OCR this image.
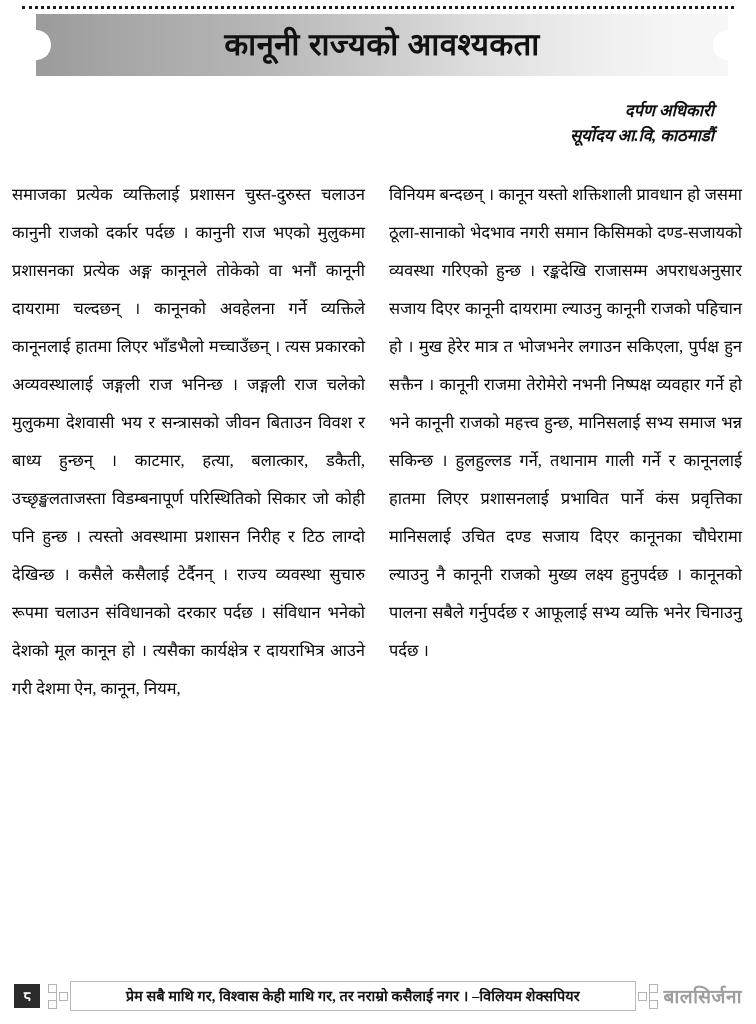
कानूनी राज्यको आवश्यकता
दर्पण अधिकारी
सूर्योदय आ.वि, काठमाडौं

समाजका प्रत्येक व्यक्तिलाई प्रशासन चुस्त-दुरुस्त चलाउन कानुनी राजको दर्कार पर्दछ । कानुनी राज भएको मुलुकमा प्रशासनका प्रत्येक अङ्ग कानूनले तोकेको वा भनौं कानूनी दायरामा चल्दछन् । कानूनको अवहेलना गर्ने व्यक्तिले कानूनलाई हातमा लिएर भाँडभैलो मच्चाउँछन् । त्यस प्रकारको अव्यवस्थालाई जङ्गली राज भनिन्छ । जङ्गली राज चलेको मुलुकमा देशवासी भय र सन्त्रासको जीवन बिताउन विवश र बाध्य हुन्छन् । काटमार, हत्या, बलात्कार, डकैती, उच्छृङ्खलताजस्ता विडम्बनापूर्ण परिस्थितिको सिकार जो कोही पनि हुन्छ । त्यस्तो अवस्थामा प्रशासन निरीह र टिठ लाग्दो देखिन्छ । कसैले कसैलाई टेर्दैनन् । राज्य व्यवस्था सुचारु रूपमा चलाउन संविधानको दरकार पर्दछ । संविधान भनेको देशको मूल कानून हो । त्यसैका कार्यक्षेत्र र दायराभित्र आउने गरी देशमा ऐन, कानून, नियम,

विनियम बन्दछन् । कानून यस्तो शक्तिशाली प्रावधान हो जसमा ठूला-सानाको भेदभाव नगरी समान किसिमको दण्ड-सजायको व्यवस्था गरिएको हुन्छ । रङ्कदेखि राजासम्म अपराधअनुसार सजाय दिएर कानूनी दायरामा ल्याउनु कानूनी राजको पहिचान हो । मुख हेरेर मात्र त भोजभनेर लगाउन सकिएला, पुर्पक्ष हुन सक्तैन । कानूनी राजमा तेरोमेरो नभनी निष्पक्ष व्यवहार गर्ने हो भने कानूनी राजको महत्त्व हुन्छ, मानिसलाई सभ्य समाज भन्न सकिन्छ । हुलहुल्लड गर्ने, तथानाम गाली गर्ने र कानूनलाई हातमा लिएर प्रशासनलाई प्रभावित पार्ने कंस प्रवृत्तिका मानिसलाई उचित दण्ड सजाय दिएर कानूनका चौघेरामा ल्याउनु नै कानूनी राजको मुख्य लक्ष्य हुनुपर्दछ । कानूनको पालना सबैले गर्नुपर्दछ र आफूलाई सभ्य व्यक्ति भनेर चिनाउनु पर्दछ ।

८	प्रेम सबै माथि गर, विश्वास केही माथि गर, तर नराम्रो कसैलाई नगर । –विलियम शेक्सपियर	बालसिर्जना
